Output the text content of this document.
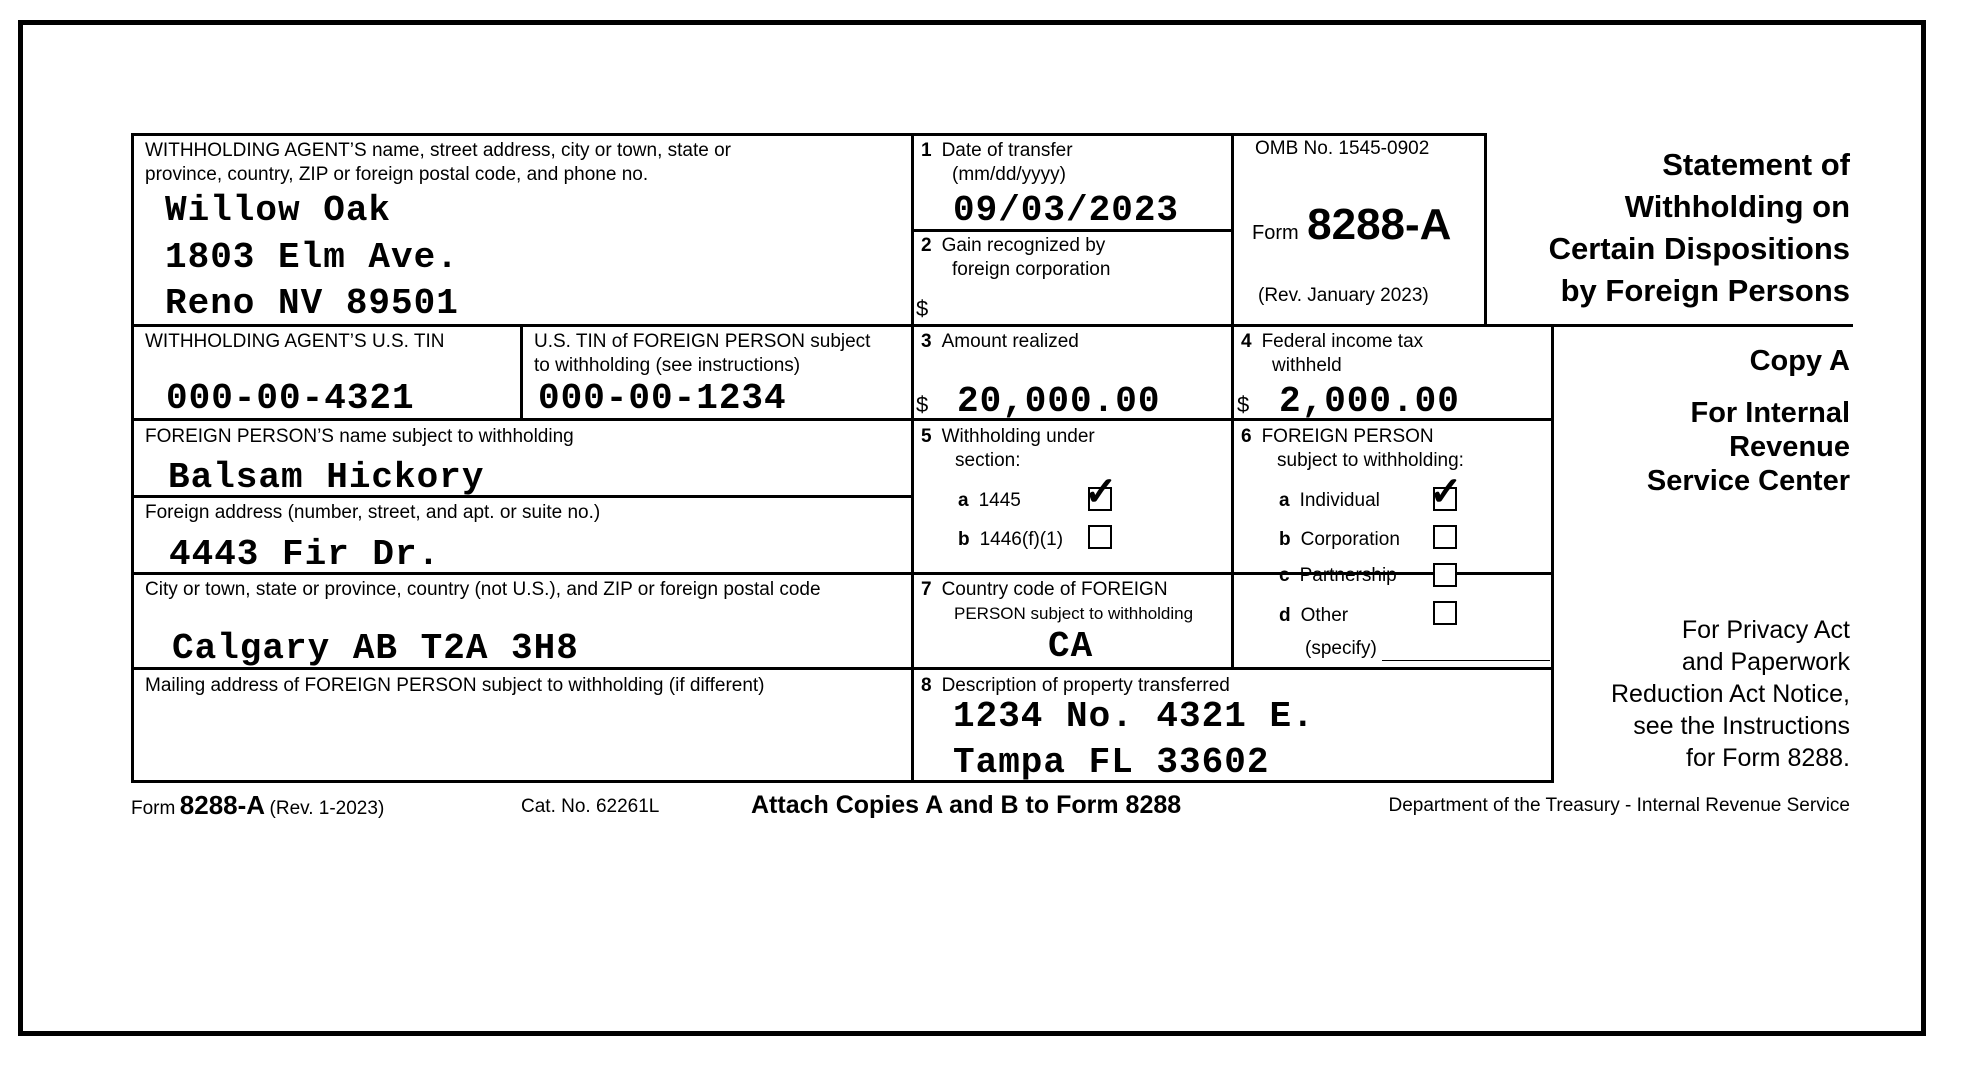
WITHHOLDING AGENT’S name, street address, city or town, state or
province, country, ZIP or foreign postal code, and phone no.
Willow Oak
1803 Elm Ave.
Reno NV 89501
WITHHOLDING AGENT’S U.S. TIN
000-00-4321
U.S. TIN of FOREIGN PERSON subject
to withholding (see instructions)
000-00-1234
FOREIGN PERSON’S name subject to withholding
Balsam Hickory
Foreign address (number, street, and apt. or suite no.)
4443 Fir Dr.
City or town, state or province, country (not U.S.), and ZIP or foreign postal code
Calgary AB T2A 3H8
Mailing address of FOREIGN PERSON subject to withholding (if different)
1 Date of transfer
(mm/dd/yyyy)
09/03/2023
2 Gain recognized by
foreign corporation
$
OMB No. 1545-0902
Form 8288-A
(Rev. January 2023)
Statement of
Withholding on
Certain Dispositions
by Foreign Persons
3 Amount realized
$ 20,000.00
4 Federal income tax
withheld
$ 2,000.00
Copy A
For Internal
Revenue
Service Center
For Privacy Act
and Paperwork
Reduction Act Notice,
see the Instructions
for Form 8288.
5 Withholding under
section:
a 1445 ✓
b 1446(f)(1)
6 FOREIGN PERSON
subject to withholding:
a Individual ✓
b Corporation
c Partnership
d Other
(specify)
7 Country code of FOREIGN
PERSON subject to withholding
CA
8 Description of property transferred
1234 No. 4321 E.
Tampa FL 33602
Form 8288-A (Rev. 1-2023)	Cat. No. 62261L	Attach Copies A and B to Form 8288	Department of the Treasury - Internal Revenue Service
